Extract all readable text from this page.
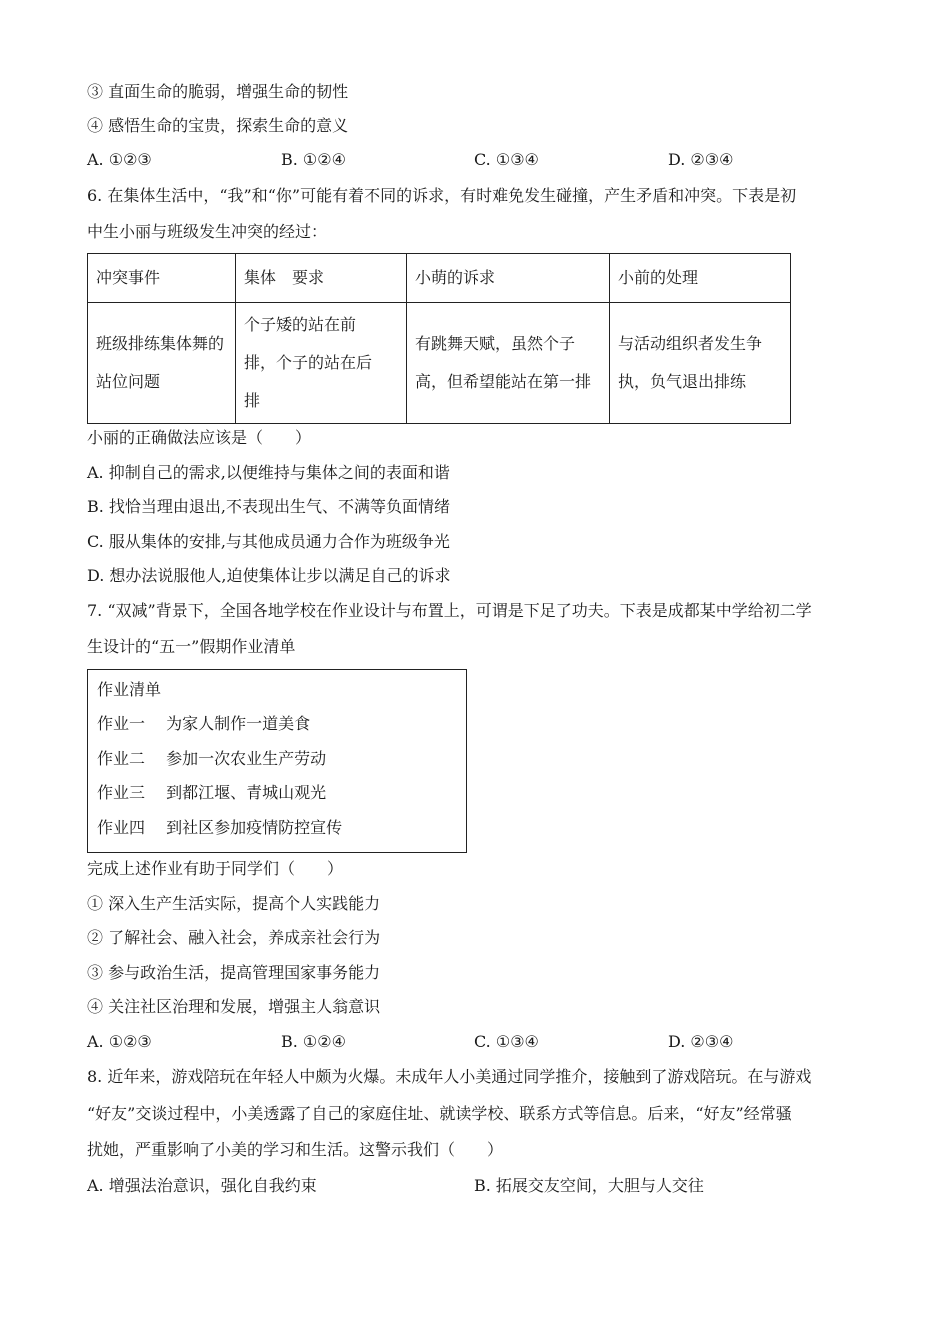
③ 直面生命的脆弱，增强生命的韧性
④ 感悟生命的宝贵，探索生命的意义
A. ①②③	B. ①②④	C. ①③④	D. ②③④
6. 在集体生活中，“我”和“你”可能有着不同的诉求，有时难免发生碰撞，产生矛盾和冲突。下表是初
中生小丽与班级发生冲突的经过：
冲突事件	集体　要求	小萌的诉求	小前的处理

班级排练集体舞的站位问题	个子矮的站在前排，个子的站在后排	有跳舞天赋，虽然个子高，但希望能站在第一排	与活动组织者发生争执，负气退出排练
小丽的正确做法应该是（　　）
A. 抑制自己的需求,以便维持与集体之间的表面和谐
B. 找恰当理由退出,不表现出生气、不满等负面情绪
C. 服从集体的安排,与其他成员通力合作为班级争光
D. 想办法说服他人,迫使集体让步以满足自己的诉求
7. “双减”背景下，全国各地学校在作业设计与布置上，可谓是下足了功夫。下表是成都某中学给初二学
生设计的“五一”假期作业清单
作业清单
作业一　 为家人制作一道美食
作业二　 参加一次农业生产劳动
作业三　 到都江堰、青城山观光
作业四　 到社区参加疫情防控宣传
完成上述作业有助于同学们（　　）
① 深入生产生活实际，提高个人实践能力
② 了解社会、融入社会，养成亲社会行为
③ 参与政治生活，提高管理国家事务能力
④ 关注社区治理和发展，增强主人翁意识
A. ①②③	B. ①②④	C. ①③④	D. ②③④
8. 近年来，游戏陪玩在年轻人中颇为火爆。未成年人小美通过同学推介，接触到了游戏陪玩。在与游戏
“好友”交谈过程中，小美透露了自己的家庭住址、就读学校、联系方式等信息。后来，“好友”经常骚
扰她，严重影响了小美的学习和生活。这警示我们（　　）
A. 增强法治意识，强化自我约束	B. 拓展交友空间，大胆与人交往
